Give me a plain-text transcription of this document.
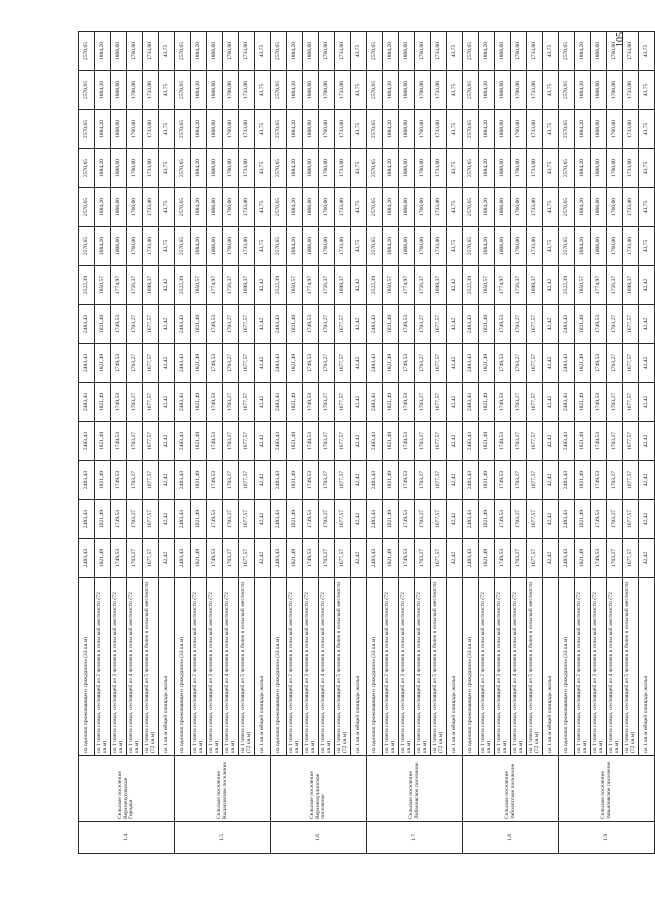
105
1.4	Сельское поселение Верхнечусовские Городки	на одиноко проживающего гражданина (33 кв.м)	2483,43	2483,43	2483,43	2483,43	2483,43	2483,43	2483,43	2522,39	2570,65	2570,65	2570,65	2570,65	2570,65	2570,65
		на 1 члена семьи, состоящей из 2 человек в сельской местности (72 кв.м)	1821,49	1821,49	1821,49	1821,49	1821,49	1821,49	1821,49	1850,57	1884,20	1884,20	1884,20	1884,20	1884,20	1884,20
		на 1 члена семьи, состоящей из 3 человек в сельской местности (72 кв.м)	1749,53	1749,53	1749,53	1749,53	1749,53	1749,53	1749,53	1774,97	1808,60	1808,60	1808,60	1808,60	1808,60	1808,60
		на 1 члена семьи, состоящей из 4 человек в сельской местности (72 кв.м)	1703,27	1703,27	1703,27	1703,27	1703,27	1703,27	1703,27	1726,37	1760,00	1760,00	1760,00	1760,00	1760,00	1760,00
		на 1 члена семьи, состоящей из 5 человек и более в сельской местности (72 кв.м)	1677,57	1677,57	1677,57	1677,57	1677,57	1677,57	1677,57	1699,37	1733,00	1733,00	1733,00	1733,00	1733,00	1733,00
		на 1 кв.м общей площади жилья	42,42	42,42	42,42	42,42	42,42	42,42	42,42	42,42	43,75	43,75	43,75	43,75	43,75	43,75
1.5	Сельское поселение Кыласовское поселение	на одиноко проживающего гражданина (33 кв.м)	2483,43	2483,43	2483,43	2483,43	2483,43	2483,43	2483,43	2522,39	2570,65	2570,65	2570,65	2570,65	2570,65	2570,65
		на 1 члена семьи, состоящей из 2 человек в сельской местности (72 кв.м)	1821,49	1821,49	1821,49	1821,49	1821,49	1821,49	1821,49	1850,57	1884,20	1884,20	1884,20	1884,20	1884,20	1884,20
		на 1 члена семьи, состоящей из 3 человек в сельской местности (72 кв.м)	1749,53	1749,53	1749,53	1749,53	1749,53	1749,53	1749,53	1774,97	1808,60	1808,60	1808,60	1808,60	1808,60	1808,60
		на 1 члена семьи, состоящей из 4 человек в сельской местности (72 кв.м)	1703,27	1703,27	1703,27	1703,27	1703,27	1703,27	1703,27	1726,37	1760,00	1760,00	1760,00	1760,00	1760,00	1760,00
		на 1 члена семьи, состоящей из 5 человек и более в сельской местности (72 кв.м)	1677,57	1677,57	1677,57	1677,57	1677,57	1677,57	1677,57	1699,37	1733,00	1733,00	1733,00	1733,00	1733,00	1733,00
		на 1 кв.м общей площади жилья	42,42	42,42	42,42	42,42	42,42	42,42	42,42	42,42	43,75	43,75	43,75	43,75	43,75	43,75
1.6	Сельское поселение Верхнемуллинское поселение	на одиноко проживающего гражданина (33 кв.м)	2483,43	2483,43	2483,43	2483,43	2483,43	2483,43	2483,43	2522,39	2570,65	2570,65	2570,65	2570,65	2570,65	2570,65
		на 1 члена семьи, состоящей из 2 человек в сельской местности (72 кв.м)	1821,49	1821,49	1821,49	1821,49	1821,49	1821,49	1821,49	1850,57	1884,20	1884,20	1884,20	1884,20	1884,20	1884,20
		на 1 члена семьи, состоящей из 3 человек в сельской местности (72 кв.м)	1749,53	1749,53	1749,53	1749,53	1749,53	1749,53	1749,53	1774,97	1808,60	1808,60	1808,60	1808,60	1808,60	1808,60
		на 1 члена семьи, состоящей из 4 человек в сельской местности (72 кв.м)	1703,27	1703,27	1703,27	1703,27	1703,27	1703,27	1703,27	1726,37	1760,00	1760,00	1760,00	1760,00	1760,00	1760,00
		на 1 члена семьи, состоящей из 5 человек и более в сельской местности (72 кв.м)	1677,57	1677,57	1677,57	1677,57	1677,57	1677,57	1677,57	1699,37	1733,00	1733,00	1733,00	1733,00	1733,00	1733,00
		на 1 кв.м общей площади жилья	42,42	42,42	42,42	42,42	42,42	42,42	42,42	42,42	43,75	43,75	43,75	43,75	43,75	43,75
1.7	Сельское поселение Лобановское поселение	на одиноко проживающего гражданина (33 кв.м)	2483,43	2483,43	2483,43	2483,43	2483,43	2483,43	2483,43	2522,39	2570,65	2570,65	2570,65	2570,65	2570,65	2570,65
		на 1 члена семьи, состоящей из 2 человек в сельской местности (72 кв.м)	1821,49	1821,49	1821,49	1821,49	1821,49	1821,49	1821,49	1850,57	1884,20	1884,20	1884,20	1884,20	1884,20	1884,20
		на 1 члена семьи, состоящей из 3 человек в сельской местности (72 кв.м)	1749,53	1749,53	1749,53	1749,53	1749,53	1749,53	1749,53	1774,97	1808,60	1808,60	1808,60	1808,60	1808,60	1808,60
		на 1 члена семьи, состоящей из 4 человек в сельской местности (72 кв.м)	1703,27	1703,27	1703,27	1703,27	1703,27	1703,27	1703,27	1726,37	1760,00	1760,00	1760,00	1760,00	1760,00	1760,00
		на 1 члена семьи, состоящей из 5 человек и более в сельской местности (72 кв.м)	1677,57	1677,57	1677,57	1677,57	1677,57	1677,57	1677,57	1699,37	1733,00	1733,00	1733,00	1733,00	1733,00	1733,00
		на 1 кв.м общей площади жилья	42,42	42,42	42,42	42,42	42,42	42,42	42,42	42,42	43,75	43,75	43,75	43,75	43,75	43,75
1.8	Сельское поселение Заболотское поселение	на одиноко проживающего гражданина (33 кв.м)	2483,43	2483,43	2483,43	2483,43	2483,43	2483,43	2483,43	2522,39	2570,65	2570,65	2570,65	2570,65	2570,65	2570,65
		на 1 члена семьи, состоящей из 2 человек в сельской местности (72 кв.м)	1821,49	1821,49	1821,49	1821,49	1821,49	1821,49	1821,49	1850,57	1884,20	1884,20	1884,20	1884,20	1884,20	1884,20
		на 1 члена семьи, состоящей из 3 человек в сельской местности (72 кв.м)	1749,53	1749,53	1749,53	1749,53	1749,53	1749,53	1749,53	1774,97	1808,60	1808,60	1808,60	1808,60	1808,60	1808,60
		на 1 члена семьи, состоящей из 4 человек в сельской местности (72 кв.м)	1703,27	1703,27	1703,27	1703,27	1703,27	1703,27	1703,27	1726,37	1760,00	1760,00	1760,00	1760,00	1760,00	1760,00
		на 1 члена семьи, состоящей из 5 человек и более в сельской местности (72 кв.м)	1677,57	1677,57	1677,57	1677,57	1677,57	1677,57	1677,57	1699,37	1733,00	1733,00	1733,00	1733,00	1733,00	1733,00
		на 1 кв.м общей площади жилья	42,42	42,42	42,42	42,42	42,42	42,42	42,42	42,42	43,75	43,75	43,75	43,75	43,75	43,75
1.9	Сельское поселение Завьяловское поселение	на одиноко проживающего гражданина (33 кв.м)	2483,43	2483,43	2483,43	2483,43	2483,43	2483,43	2483,43	2522,39	2570,65	2570,65	2570,65	2570,65	2570,65	2570,65
		на 1 члена семьи, состоящей из 2 человек в сельской местности (72 кв.м)	1821,49	1821,49	1821,49	1821,49	1821,49	1821,49	1821,49	1850,57	1884,20	1884,20	1884,20	1884,20	1884,20	1884,20
		на 1 члена семьи, состоящей из 3 человек в сельской местности (72 кв.м)	1749,53	1749,53	1749,53	1749,53	1749,53	1749,53	1749,53	1774,97	1808,60	1808,60	1808,60	1808,60	1808,60	1808,60
		на 1 члена семьи, состоящей из 4 человек в сельской местности (72 кв.м)	1703,27	1703,27	1703,27	1703,27	1703,27	1703,27	1703,27	1726,37	1760,00	1760,00	1760,00	1760,00	1760,00	1760,00
		на 1 члена семьи, состоящей из 5 человек и более в сельской местности (72 кв.м)	1677,57	1677,57	1677,57	1677,57	1677,57	1677,57	1677,57	1699,37	1733,00	1733,00	1733,00	1733,00	1733,00	1733,00
		на 1 кв.м общей площади жилья	42,42	42,42	42,42	42,42	42,42	42,42	42,42	42,42	43,75	43,75	43,75	43,75	43,75	43,75
